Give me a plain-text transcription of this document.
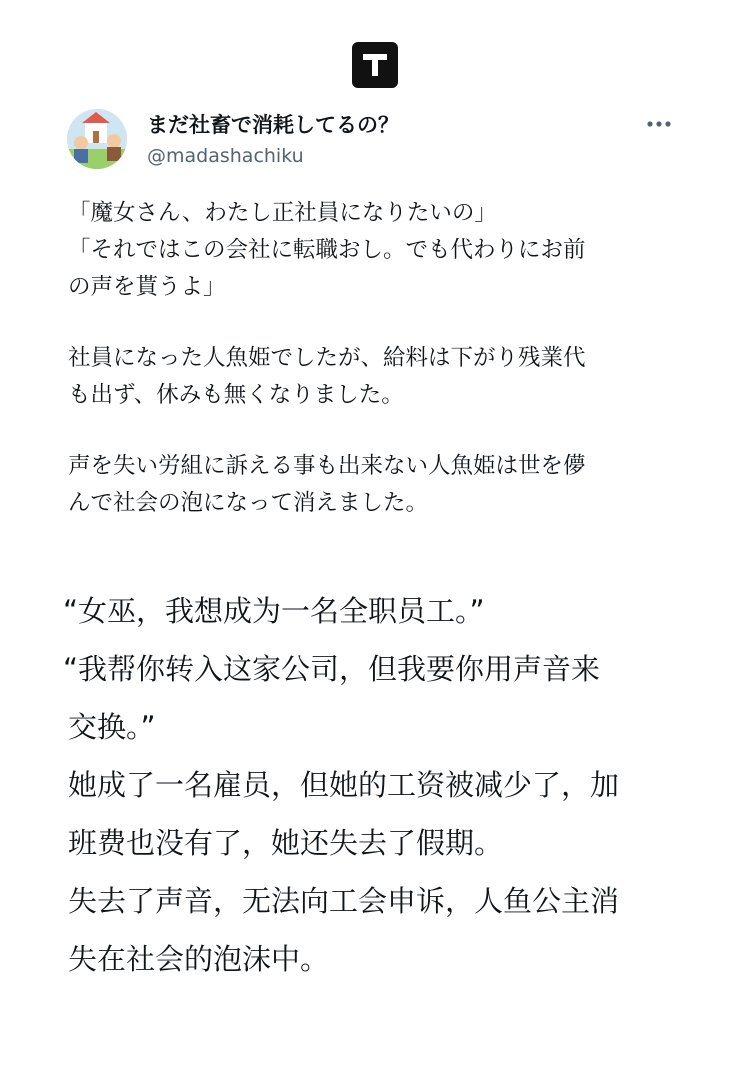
まだ社畜で消耗してるの？
@madashachiku
「魔女さん、わたし正社員になりたいの」
「それではこの会社に転職おし。でも代わりにお前
の声を貰うよ」
社員になった人魚姫でしたが、給料は下がり残業代
も出ず、休みも無くなりました。
声を失い労組に訴える事も出来ない人魚姫は世を儚
んで社会の泡になって消えました。
“女巫，我想成为一名全职员工。”
“我帮你转入这家公司，但我要你用声音来
交换。”
她成了一名雇员，但她的工资被减少了，加
班费也没有了，她还失去了假期。
失去了声音，无法向工会申诉，人鱼公主消
失在社会的泡沫中。
